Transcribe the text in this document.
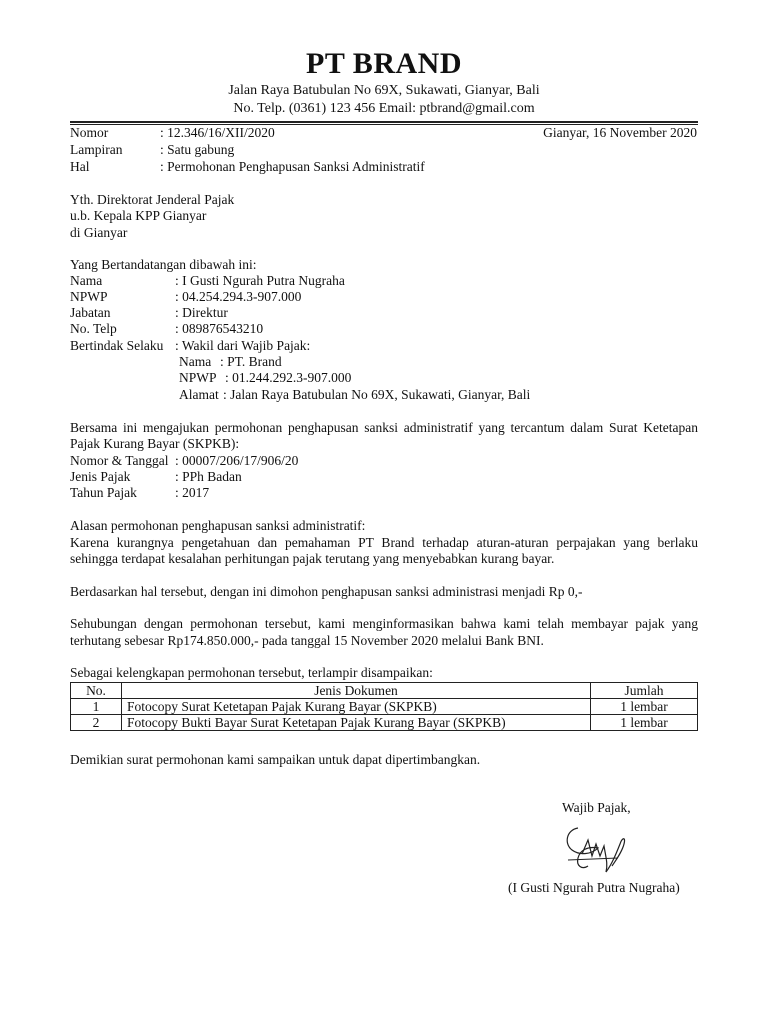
PT BRAND
Jalan Raya Batubulan No 69X, Sukawati, Gianyar, Bali
No. Telp. (0361) 123 456 Email: ptbrand@gmail.com
Nomor	: 12.346/16/XII/2020	Gianyar, 16 November 2020
Lampiran	: Satu gabung
Hal	: Permohonan Penghapusan Sanksi Administratif
Yth. Direktorat Jenderal Pajak
u.b. Kepala KPP Gianyar
di Gianyar
Yang Bertandatangan dibawah ini:
Nama	: I Gusti Ngurah Putra Nugraha
NPWP	: 04.254.294.3-907.000
Jabatan	: Direktur
No. Telp	: 089876543210
Bertindak Selaku : Wakil dari Wajib Pajak:
Nama : PT. Brand
NPWP : 01.244.292.3-907.000
Alamat : Jalan Raya Batubulan No 69X, Sukawati, Gianyar, Bali
Bersama ini mengajukan permohonan penghapusan sanksi administratif yang tercantum dalam Surat Ketetapan
Pajak Kurang Bayar (SKPKB):
Nomor & Tanggal : 00007/206/17/906/20
Jenis Pajak	: PPh Badan
Tahun Pajak	: 2017
Alasan permohonan penghapusan sanksi administratif:
Karena kurangnya pengetahuan dan pemahaman PT Brand terhadap aturan-aturan perpajakan yang berlaku
sehingga terdapat kesalahan perhitungan pajak terutang yang menyebabkan kurang bayar.
Berdasarkan hal tersebut, dengan ini dimohon penghapusan sanksi administrasi menjadi Rp 0,-
Sehubungan dengan permohonan tersebut, kami menginformasikan bahwa kami telah membayar pajak yang
terhutang sebesar Rp174.850.000,- pada tanggal 15 November 2020 melalui Bank BNI.
Sebagai kelengkapan permohonan tersebut, terlampir disampaikan:
No.	Jenis Dokumen	Jumlah
1	Fotocopy Surat Ketetapan Pajak Kurang Bayar (SKPKB)	1 lembar
2	Fotocopy Bukti Bayar Surat Ketetapan Pajak Kurang Bayar (SKPKB)	1 lembar
Demikian surat permohonan kami sampaikan untuk dapat dipertimbangkan.
Wajib Pajak,
(I Gusti Ngurah Putra Nugraha)
